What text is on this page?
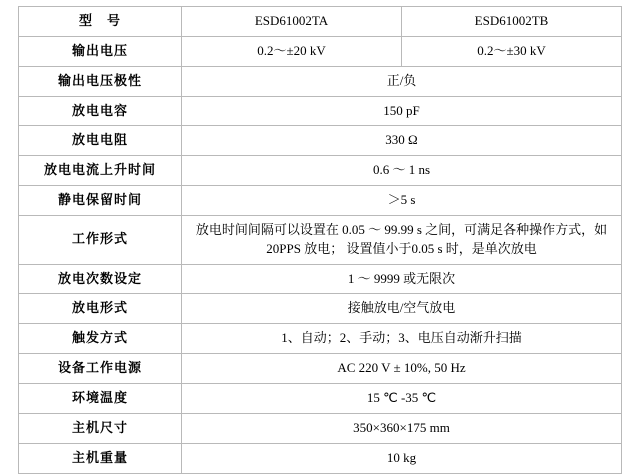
型　号	ESD61002TA	ESD61002TB
输出电压	0.2～±20 kV	0.2～±30 kV
输出电压极性	正/负	
放电电容	150 pF	
放电电阻	330 Ω	
放电电流上升时间	0.6 ～ 1 ns	
静电保留时间	＞5 s	
工作形式	放电时间间隔可以设置在 0.05 ～ 99.99 s 之间，可满足各种操作方式，如 20PPS 放电； 设置值小于0.05 s 时，是单次放电	
放电次数设定	1 ～ 9999 或无限次	
放电形式	接触放电/空气放电	
触发方式	1、自动；2、手动；3、电压自动渐升扫描	
设备工作电源	AC 220 V ± 10%, 50 Hz	
环境温度	15 ℃ -35 ℃	
主机尺寸	350×360×175 mm	
主机重量	10 kg	
